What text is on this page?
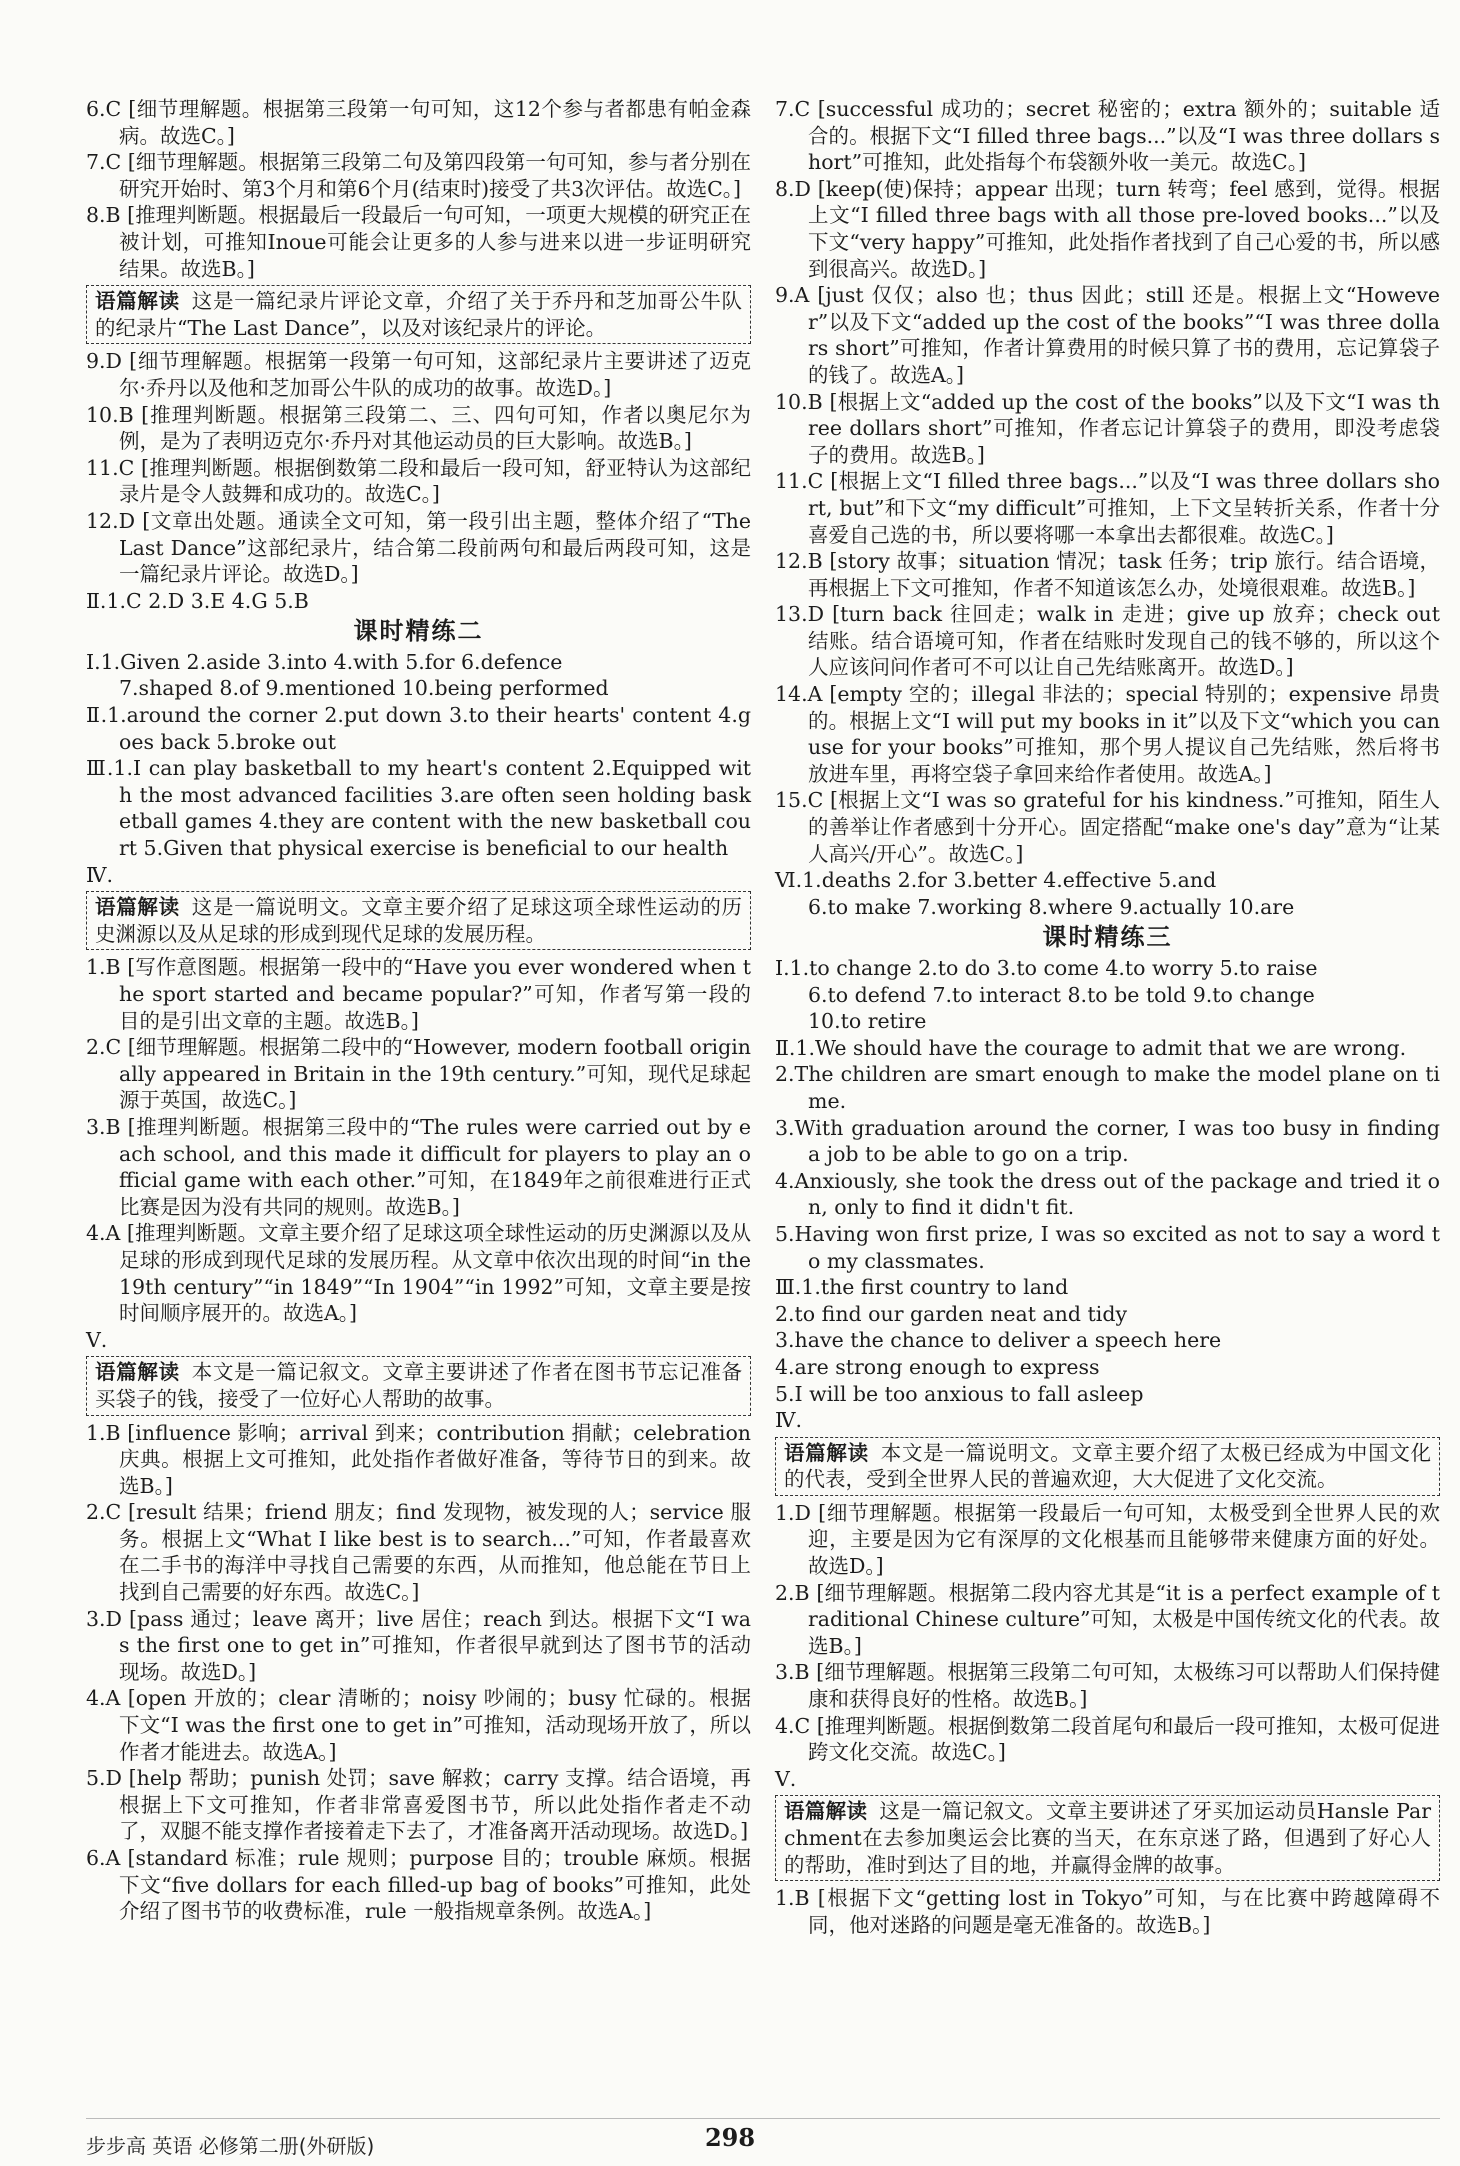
6.C [细节理解题。根据第三段第一句可知，这12个参与者都患有帕金森病。故选C。]

7.C [细节理解题。根据第三段第二句及第四段第一句可知，参与者分别在研究开始时、第3个月和第6个月(结束时)接受了共3次评估。故选C。]

8.B [推理判断题。根据最后一段最后一句可知，一项更大规模的研究正在被计划，可推知Inoue可能会让更多的人参与进来以进一步证明研究结果。故选B。]

语篇解读 这是一篇纪录片评论文章，介绍了关于乔丹和芝加哥公牛队的纪录片“The Last Dance”，以及对该纪录片的评论。

9.D [细节理解题。根据第一段第一句可知，这部纪录片主要讲述了迈克尔·乔丹以及他和芝加哥公牛队的成功的故事。故选D。]

10.B [推理判断题。根据第三段第二、三、四句可知，作者以奥尼尔为例，是为了表明迈克尔·乔丹对其他运动员的巨大影响。故选B。]

11.C [推理判断题。根据倒数第二段和最后一段可知，舒亚特认为这部纪录片是令人鼓舞和成功的。故选C。]

12.D [文章出处题。通读全文可知，第一段引出主题，整体介绍了“The Last Dance”这部纪录片，结合第二段前两句和最后两段可知，这是一篇纪录片评论。故选D。]

Ⅱ.1.C 2.D 3.E 4.G 5.B

课时精练二

Ⅰ.1.Given 2.aside 3.into 4.with 5.for 6.defence

7.shaped 8.of 9.mentioned 10.being performed

Ⅱ.1.around the corner 2.put down 3.to their hearts' content 4.goes back 5.broke out

Ⅲ.1.I can play basketball to my heart's content 2.Equipped with the most advanced facilities 3.are often seen holding basketball games 4.they are content with the new basketball court 5.Given that physical exercise is beneficial to our health

Ⅳ.

语篇解读 这是一篇说明文。文章主要介绍了足球这项全球性运动的历史渊源以及从足球的形成到现代足球的发展历程。

1.B [写作意图题。根据第一段中的“Have you ever wondered when the sport started and became popular?”可知，作者写第一段的目的是引出文章的主题。故选B。]

2.C [细节理解题。根据第二段中的“However, modern football originally appeared in Britain in the 19th century.”可知，现代足球起源于英国，故选C。]

3.B [推理判断题。根据第三段中的“The rules were carried out by each school, and this made it difficult for players to play an official game with each other.”可知，在1849年之前很难进行正式比赛是因为没有共同的规则。故选B。]

4.A [推理判断题。文章主要介绍了足球这项全球性运动的历史渊源以及从足球的形成到现代足球的发展历程。从文章中依次出现的时间“in the 19th century”“in 1849”“In 1904”“in 1992”可知，文章主要是按时间顺序展开的。故选A。]

Ⅴ.

语篇解读 本文是一篇记叙文。文章主要讲述了作者在图书节忘记准备买袋子的钱，接受了一位好心人帮助的故事。

1.B [influence 影响；arrival 到来；contribution 捐献；celebration 庆典。根据上文可推知，此处指作者做好准备，等待节日的到来。故选B。]

2.C [result 结果；friend 朋友；find 发现物，被发现的人；service 服务。根据上文“What I like best is to search...”可知，作者最喜欢在二手书的海洋中寻找自己需要的东西，从而推知，他总能在节日上找到自己需要的好东西。故选C。]

3.D [pass 通过；leave 离开；live 居住；reach 到达。根据下文“I was the first one to get in”可推知，作者很早就到达了图书节的活动现场。故选D。]

4.A [open 开放的；clear 清晰的；noisy 吵闹的；busy 忙碌的。根据下文“I was the first one to get in”可推知，活动现场开放了，所以作者才能进去。故选A。]

5.D [help 帮助；punish 处罚；save 解救；carry 支撑。结合语境，再根据上下文可推知，作者非常喜爱图书节，所以此处指作者走不动了，双腿不能支撑作者接着走下去了，才准备离开活动现场。故选D。]

6.A [standard 标准；rule 规则；purpose 目的；trouble 麻烦。根据下文“five dollars for each filled-up bag of books”可推知，此处介绍了图书节的收费标准，rule 一般指规章条例。故选A。]

7.C [successful 成功的；secret 秘密的；extra 额外的；suitable 适合的。根据下文“I filled three bags...”以及“I was three dollars short”可推知，此处指每个布袋额外收一美元。故选C。]

8.D [keep(使)保持；appear 出现；turn 转弯；feel 感到，觉得。根据上文“I filled three bags with all those pre-loved books...”以及下文“very happy”可推知，此处指作者找到了自己心爱的书，所以感到很高兴。故选D。]

9.A [just 仅仅；also 也；thus 因此；still 还是。根据上文“However”以及下文“added up the cost of the books”“I was three dollars short”可推知，作者计算费用的时候只算了书的费用，忘记算袋子的钱了。故选A。]

10.B [根据上文“added up the cost of the books”以及下文“I was three dollars short”可推知，作者忘记计算袋子的费用，即没考虑袋子的费用。故选B。]

11.C [根据上文“I filled three bags...”以及“I was three dollars short, but”和下文“my difficult”可推知，上下文呈转折关系，作者十分喜爱自己选的书，所以要将哪一本拿出去都很难。故选C。]

12.B [story 故事；situation 情况；task 任务；trip 旅行。结合语境，再根据上下文可推知，作者不知道该怎么办，处境很艰难。故选B。]

13.D [turn back 往回走；walk in 走进；give up 放弃；check out 结账。结合语境可知，作者在结账时发现自己的钱不够的，所以这个人应该问问作者可不可以让自己先结账离开。故选D。]

14.A [empty 空的；illegal 非法的；special 特别的；expensive 昂贵的。根据上文“I will put my books in it”以及下文“which you can use for your books”可推知，那个男人提议自己先结账，然后将书放进车里，再将空袋子拿回来给作者使用。故选A。]

15.C [根据上文“I was so grateful for his kindness.”可推知，陌生人的善举让作者感到十分开心。固定搭配“make one's day”意为“让某人高兴/开心”。故选C。]

Ⅵ.1.deaths 2.for 3.better 4.effective 5.and

6.to make 7.working 8.where 9.actually 10.are

课时精练三

Ⅰ.1.to change 2.to do 3.to come 4.to worry 5.to raise

6.to defend 7.to interact 8.to be told 9.to change

10.to retire

Ⅱ.1.We should have the courage to admit that we are wrong.

2.The children are smart enough to make the model plane on time.

3.With graduation around the corner, I was too busy in finding a job to be able to go on a trip.

4.Anxiously, she took the dress out of the package and tried it on, only to find it didn't fit.

5.Having won first prize, I was so excited as not to say a word to my classmates.

Ⅲ.1.the first country to land

2.to find our garden neat and tidy

3.have the chance to deliver a speech here

4.are strong enough to express

5.I will be too anxious to fall asleep

Ⅳ.

语篇解读 本文是一篇说明文。文章主要介绍了太极已经成为中国文化的代表，受到全世界人民的普遍欢迎，大大促进了文化交流。

1.D [细节理解题。根据第一段最后一句可知，太极受到全世界人民的欢迎，主要是因为它有深厚的文化根基而且能够带来健康方面的好处。故选D。]

2.B [细节理解题。根据第二段内容尤其是“it is a perfect example of traditional Chinese culture”可知，太极是中国传统文化的代表。故选B。]

3.B [细节理解题。根据第三段第二句可知，太极练习可以帮助人们保持健康和获得良好的性格。故选B。]

4.C [推理判断题。根据倒数第二段首尾句和最后一段可推知，太极可促进跨文化交流。故选C。]

Ⅴ.

语篇解读 这是一篇记叙文。文章主要讲述了牙买加运动员Hansle Parchment在去参加奥运会比赛的当天，在东京迷了路，但遇到了好心人的帮助，准时到达了目的地，并赢得金牌的故事。

1.B [根据下文“getting lost in Tokyo”可知，与在比赛中跨越障碍不同，他对迷路的问题是毫无准备的。故选B。]

步步高 英语 必修第二册(外研版)	298
